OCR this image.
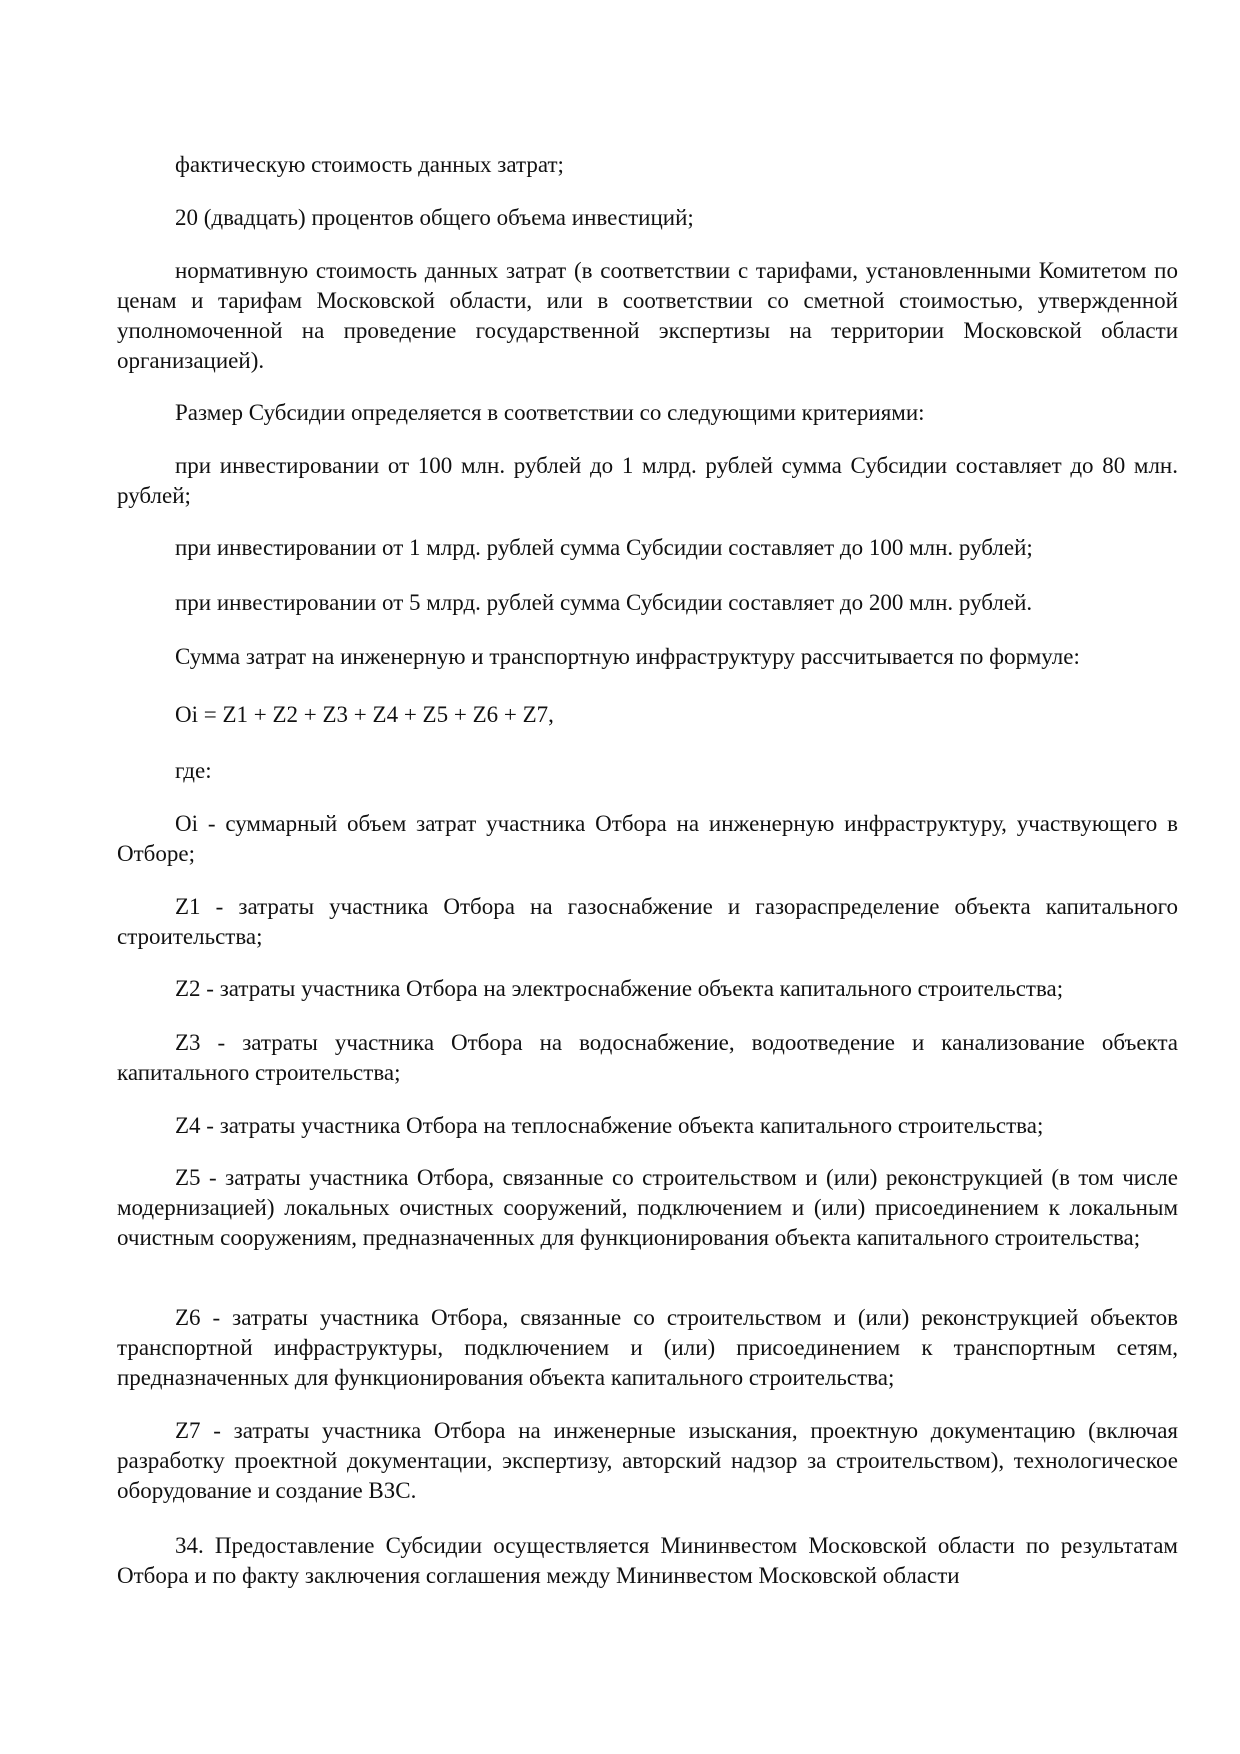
фактическую стоимость данных затрат;

20 (двадцать) процентов общего объема инвестиций;

нормативную стоимость данных затрат (в соответствии с тарифами, установленными Комитетом по ценам и тарифам Московской области, или в соответствии со сметной стоимостью, утвержденной уполномоченной на проведение государственной экспертизы на территории Московской области организацией).

Размер Субсидии определяется в соответствии со следующими критериями:

при инвестировании от 100 млн. рублей до 1 млрд. рублей сумма Субсидии составляет до 80 млн. рублей;

при инвестировании от 1 млрд. рублей сумма Субсидии составляет до 100 млн. рублей;

при инвестировании от 5 млрд. рублей сумма Субсидии составляет до 200 млн. рублей.

Сумма затрат на инженерную и транспортную инфраструктуру рассчитывается по формуле:

Oi = Z1 + Z2 + Z3 + Z4 + Z5 + Z6 + Z7,

где:

Oi - суммарный объем затрат участника Отбора на инженерную инфраструктуру, участвующего в Отборе;

Z1 - затраты участника Отбора на газоснабжение и газораспределение объекта капитального строительства;

Z2 - затраты участника Отбора на электроснабжение объекта капитального строительства;

Z3 - затраты участника Отбора на водоснабжение, водоотведение и канализование объекта капитального строительства;

Z4 - затраты участника Отбора на теплоснабжение объекта капитального строительства;

Z5 - затраты участника Отбора, связанные со строительством и (или) реконструкцией (в том числе модернизацией) локальных очистных сооружений, подключением и (или) присоединением к локальным очистным сооружениям, предназначенных для функционирования объекта капитального строительства;

Z6 - затраты участника Отбора, связанные со строительством и (или) реконструкцией объектов транспортной инфраструктуры, подключением и (или) присоединением к транспортным сетям, предназначенных для функционирования объекта капитального строительства;

Z7 - затраты участника Отбора на инженерные изыскания, проектную документацию (включая разработку проектной документации, экспертизу, авторский надзор за строительством), технологическое оборудование и создание ВЗС.

34. Предоставление Субсидии осуществляется Мининвестом Московской области по результатам Отбора и по факту заключения соглашения между Мининвестом Московской области
